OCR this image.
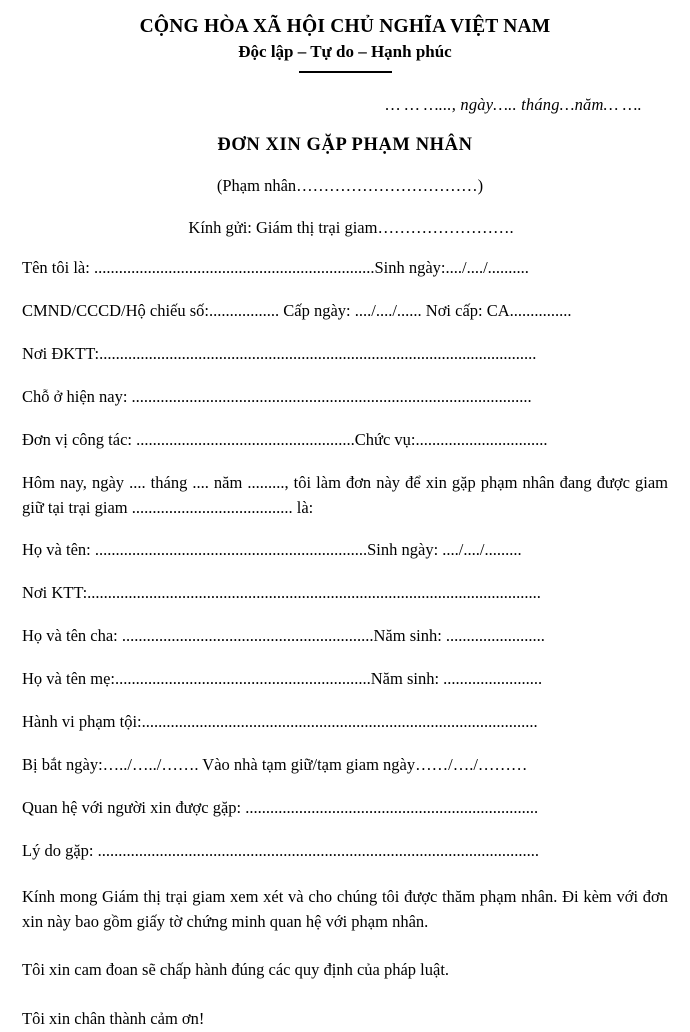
CỘNG HÒA XÃ HỘI CHỦ NGHĨA VIỆT NAM
Độc lập – Tự do – Hạnh phúc
… … …..., ngày….. tháng…năm… ….
ĐƠN XIN GẶP PHẠM NHÂN
(Phạm nhân……………………………)
Kính gửi: Giám thị trại giam…………………….
Tên tôi là: ....................................................................Sinh ngày:..../..../..........
CMND/CCCD/Hộ chiếu số:................. Cấp ngày: ..../..../...... Nơi cấp: CA...............
Nơi ĐKTT:..........................................................................................................
Chỗ ở hiện nay: .................................................................................................
Đơn vị công tác: .....................................................Chức vụ:................................
Hôm nay, ngày .... tháng .... năm ........., tôi làm đơn này để xin gặp phạm nhân đang được giam giữ tại trại giam ....................................... là:
Họ và tên: ..................................................................Sinh ngày: ..../..../.........
Nơi KTT:..............................................................................................................
Họ và tên cha: .............................................................Năm sinh: ........................
Họ và tên mẹ:..............................................................Năm sinh: ........................
Hành vi phạm tội:................................................................................................
Bị bắt ngày:…../…../……. Vào nhà tạm giữ/tạm giam ngày……/…./………
Quan hệ với người xin được gặp: .......................................................................
Lý do gặp: ...........................................................................................................
Kính mong Giám thị trại giam xem xét và cho chúng tôi được thăm phạm nhân. Đi kèm với đơn xin này bao gồm giấy tờ chứng minh quan hệ với phạm nhân.
Tôi xin cam đoan sẽ chấp hành đúng các quy định của pháp luật.
Tôi xin chân thành cảm ơn!
